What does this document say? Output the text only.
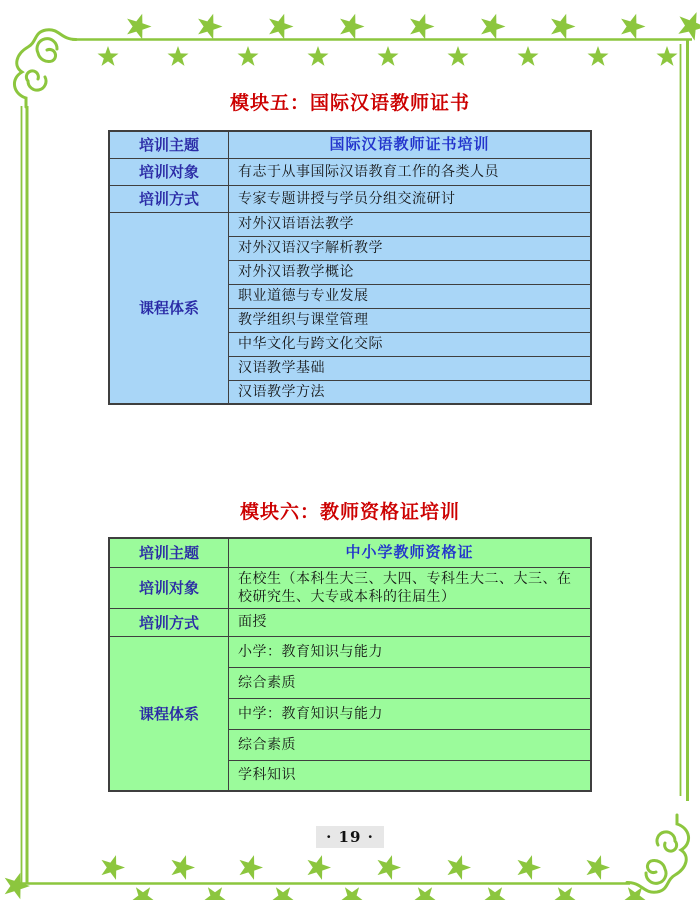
模块五：国际汉语教师证书
培训主题	国际汉语教师证书培训
培训对象	有志于从事国际汉语教育工作的各类人员
培训方式	专家专题讲授与学员分组交流研讨
课程体系	对外汉语语法教学
	对外汉语汉字解析教学
	对外汉语教学概论
	职业道德与专业发展
	教学组织与课堂管理
	中华文化与跨文化交际
	汉语教学基础
	汉语教学方法
模块六：教师资格证培训
培训主题	中小学教师资格证
培训对象	在校生（本科生大三、大四、专科生大二、大三、在校研究生、大专或本科的往届生）
培训方式	面授
课程体系	小学：教育知识与能力
	综合素质
	中学：教育知识与能力
	综合素质
	学科知识
· 19 ·
